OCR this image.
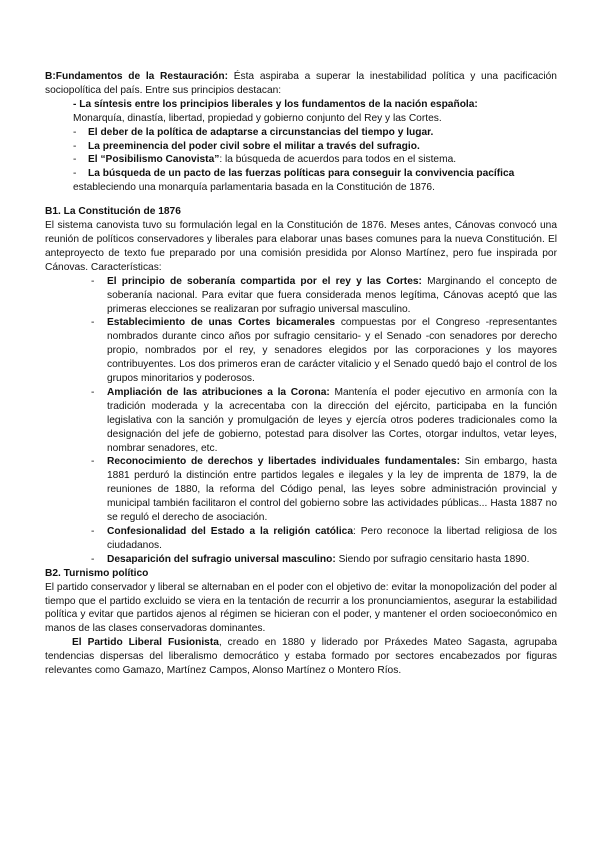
B:Fundamentos de la Restauración: Ésta aspiraba a superar la inestabilidad política y una pacificación sociopolítica del país. Entre sus principios destacan:

- La síntesis entre los principios liberales y los fundamentos de la nación española:
Monarquía, dinastía, libertad, propiedad y gobierno conjunto del Rey y las Cortes.
- El deber de la política de adaptarse a circunstancias del tiempo y lugar.
- La preeminencia del poder civil sobre el militar a través del sufragio.
- El “Posibilismo Canovista”: la búsqueda de acuerdos para todos en el sistema.
- La búsqueda de un pacto de las fuerzas políticas para conseguir la convivencia pacífica
estableciendo una monarquía parlamentaria basada en la Constitución de 1876.
B1. La Constitución de 1876

El sistema canovista tuvo su formulación legal en la Constitución de 1876. Meses antes, Cánovas convocó una reunión de políticos conservadores y liberales para elaborar unas bases comunes para la nueva Constitución. El anteproyecto de texto fue preparado por una comisión presidida por Alonso Martínez, pero fue inspirada por Cánovas. Características:

- El principio de soberanía compartida por el rey y las Cortes: Marginando el concepto de soberanía nacional. Para evitar que fuera considerada menos legítima, Cánovas aceptó que las primeras elecciones se realizaran por sufragio universal masculino.
- Establecimiento de unas Cortes bicamerales compuestas por el Congreso -representantes nombrados durante cinco años por sufragio censitario- y el Senado -con senadores por derecho propio, nombrados por el rey, y senadores elegidos por las corporaciones y los mayores contribuyentes. Los dos primeros eran de carácter vitalicio y el Senado quedó bajo el control de los grupos minoritarios y poderosos.
- Ampliación de las atribuciones a la Corona: Mantenía el poder ejecutivo en armonía con la tradición moderada y la acrecentaba con la dirección del ejército, participaba en la función legislativa con la sanción y promulgación de leyes y ejercía otros poderes tradicionales como la designación del jefe de gobierno, potestad para disolver las Cortes, otorgar indultos, vetar leyes, nombrar senadores, etc.
- Reconocimiento de derechos y libertades individuales fundamentales: Sin embargo, hasta 1881 perduró la distinción entre partidos legales e ilegales y la ley de imprenta de 1879, la de reuniones de 1880, la reforma del Código penal, las leyes sobre administración provincial y municipal también facilitaron el control del gobierno sobre las actividades públicas... Hasta 1887 no se reguló el derecho de asociación.
- Confesionalidad del Estado a la religión católica: Pero reconoce la libertad religiosa de los ciudadanos.
- Desaparición del sufragio universal masculino: Siendo por sufragio censitario hasta 1890.
B2. Turnismo político

El partido conservador y liberal se alternaban en el poder con el objetivo de: evitar la monopolización del poder al tiempo que el partido excluido se viera en la tentación de recurrir a los pronunciamientos, asegurar la estabilidad política y evitar que partidos ajenos al régimen se hicieran con el poder, y mantener el orden socioeconómico en manos de las clases conservadoras dominantes.

El Partido Liberal Fusionista, creado en 1880 y liderado por Práxedes Mateo Sagasta, agrupaba tendencias dispersas del liberalismo democrático y estaba formado por sectores encabezados por figuras relevantes como Gamazo, Martínez Campos, Alonso Martínez o Montero Ríos.
